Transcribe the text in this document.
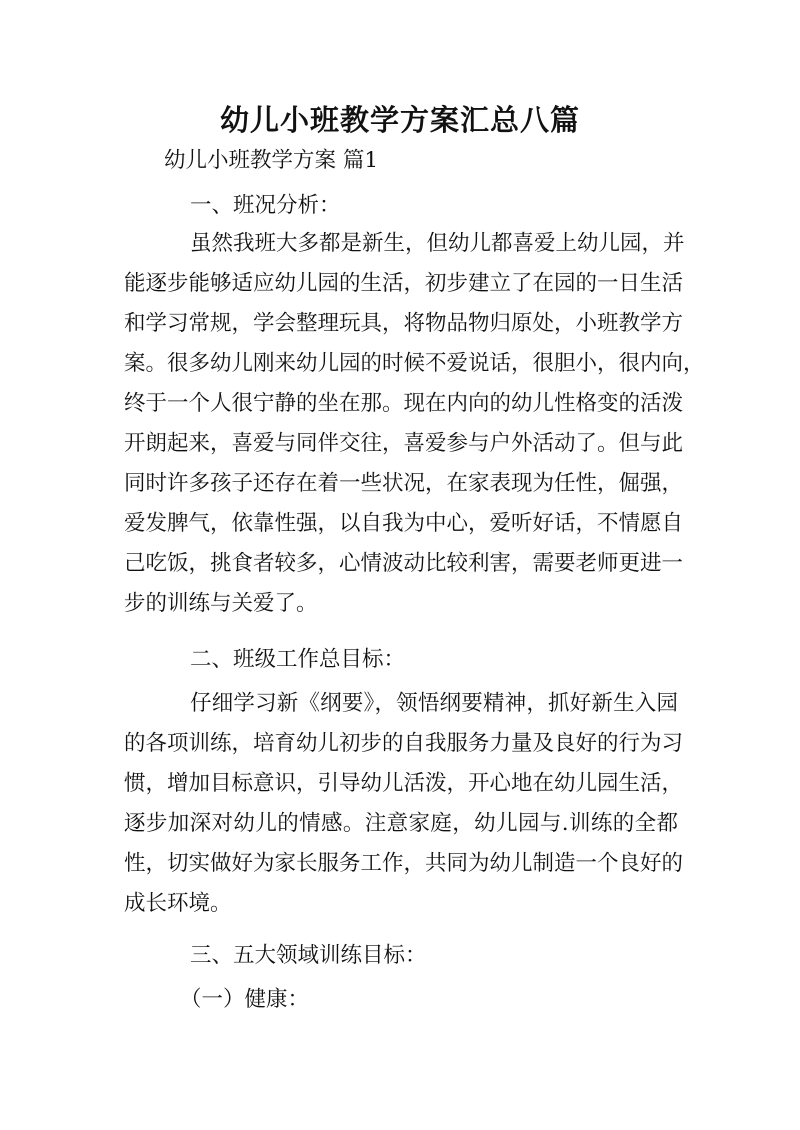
幼儿小班教学方案汇总八篇

幼儿小班教学方案 篇1

一、班况分析：

虽然我班大多都是新生，但幼儿都喜爱上幼儿园，并

能逐步能够适应幼儿园的生活，初步建立了在园的一日生活

和学习常规，学会整理玩具，将物品物归原处，小班教学方

案。很多幼儿刚来幼儿园的时候不爱说话，很胆小，很内向，

终于一个人很宁静的坐在那。现在内向的幼儿性格变的活泼

开朗起来，喜爱与同伴交往，喜爱参与户外活动了。但与此

同时许多孩子还存在着一些状况，在家表现为任性，倔强，

爱发脾气，依靠性强，以自我为中心，爱听好话，不情愿自

己吃饭，挑食者较多，心情波动比较利害，需要老师更进一

步的训练与关爱了。

二、班级工作总目标：

仔细学习新《纲要》，领悟纲要精神，抓好新生入园

的各项训练，培育幼儿初步的自我服务力量及良好的行为习

惯，增加目标意识，引导幼儿活泼，开心地在幼儿园生活，

逐步加深对幼儿的情感。注意家庭，幼儿园与.训练的全都

性，切实做好为家长服务工作，共同为幼儿制造一个良好的

成长环境。

三、五大领域训练目标：

（一）健康：
